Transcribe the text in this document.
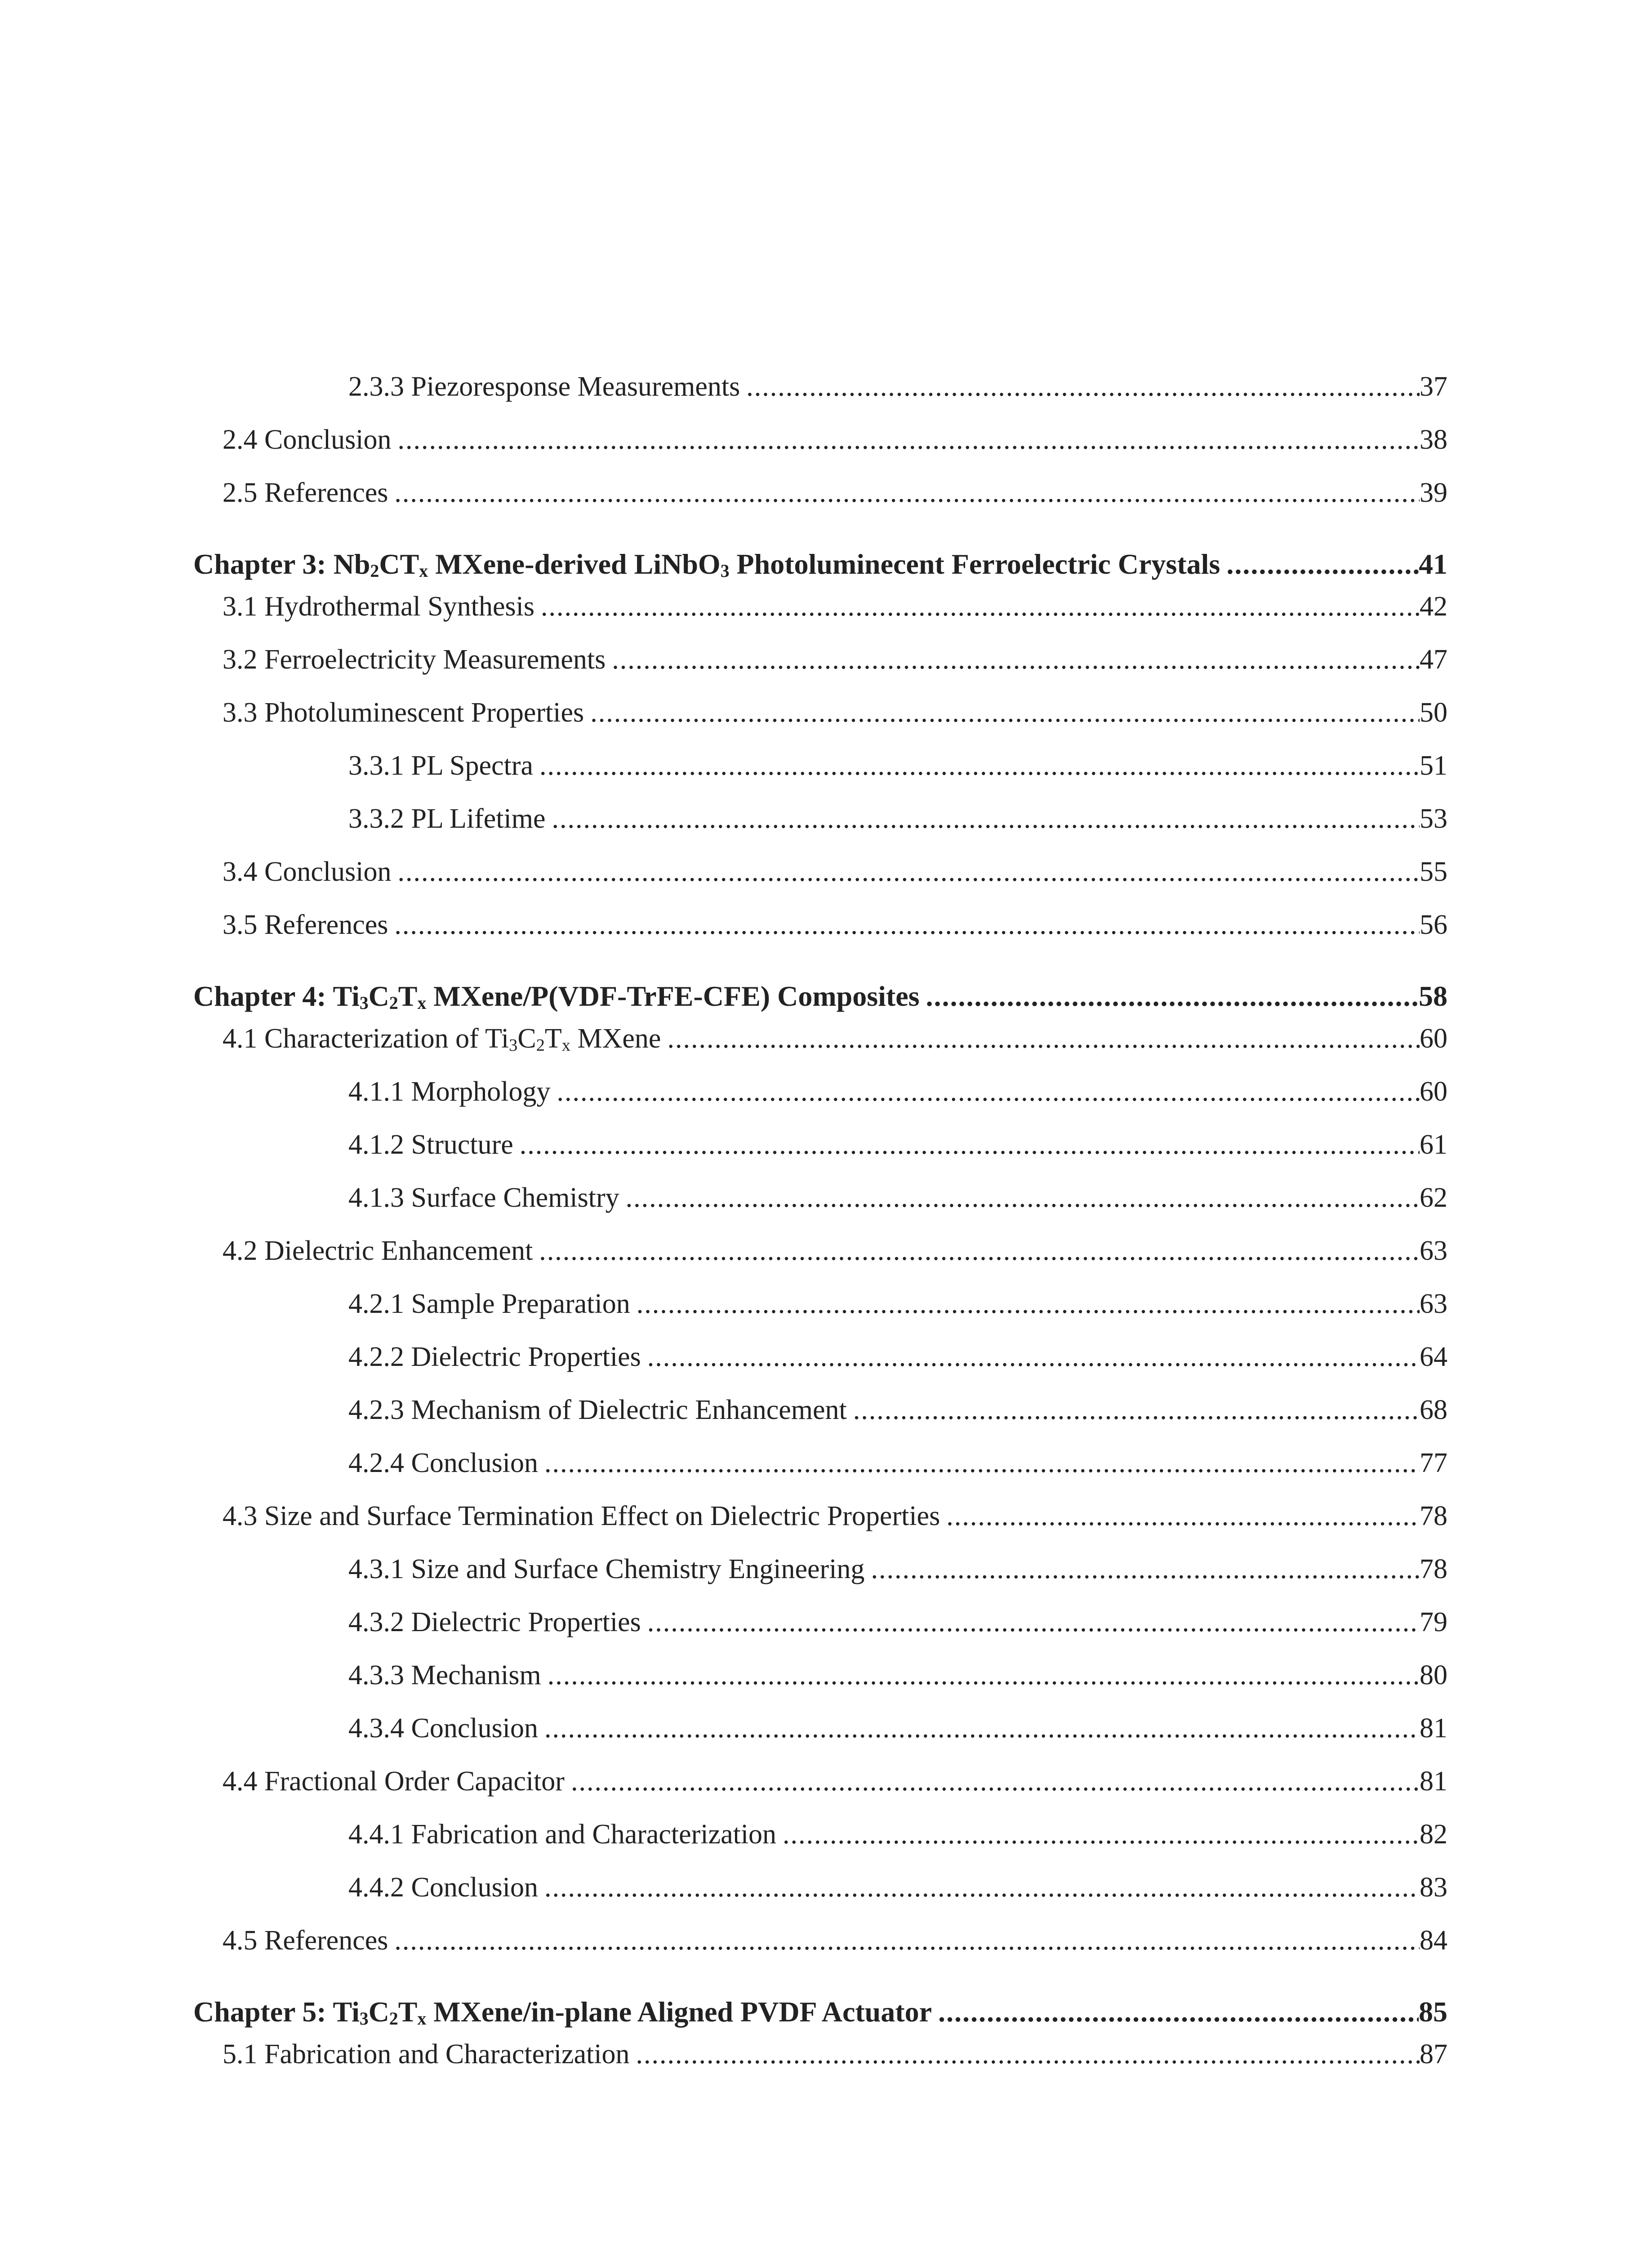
2.3.3 Piezoresponse Measurements .....	37
2.4 Conclusion .....	38
2.5 References .....	39
Chapter 3: $Nb_2CT_x$ MXene-derived LiNbO$_3$ Photoluminecent Ferroelectric Crystals .....	41
3.1 Hydrothermal Synthesis .....	42
3.2 Ferroelectricity Measurements .....	47
3.3 Photoluminescent Properties .....	50
3.3.1 PL Spectra .....	51
3.3.2 PL Lifetime .....	53
3.4 Conclusion .....	55
3.5 References .....	56
Chapter 4: $Ti_3C_2T_x$ MXene/P(VDF-TrFE-CFE) Composites .....	58
4.1 Characterization of $Ti_3C_2T_x$ MXene .....	60
4.1.1 Morphology .....	60
4.1.2 Structure .....	61
4.1.3 Surface Chemistry .....	62
4.2 Dielectric Enhancement .....	63
4.2.1 Sample Preparation .....	63
4.2.2 Dielectric Properties .....	64
4.2.3 Mechanism of Dielectric Enhancement .....	68
4.2.4 Conclusion .....	77
4.3 Size and Surface Termination Effect on Dielectric Properties .....	78
4.3.1 Size and Surface Chemistry Engineering .....	78
4.3.2 Dielectric Properties .....	79
4.3.3 Mechanism .....	80
4.3.4 Conclusion .....	81
4.4 Fractional Order Capacitor .....	81
4.4.1 Fabrication and Characterization .....	82
4.4.2 Conclusion .....	83
4.5 References .....	84
Chapter 5: $Ti_3C_2T_x$ MXene/in-plane Aligned PVDF Actuator .....	85
5.1 Fabrication and Characterization .....	87
